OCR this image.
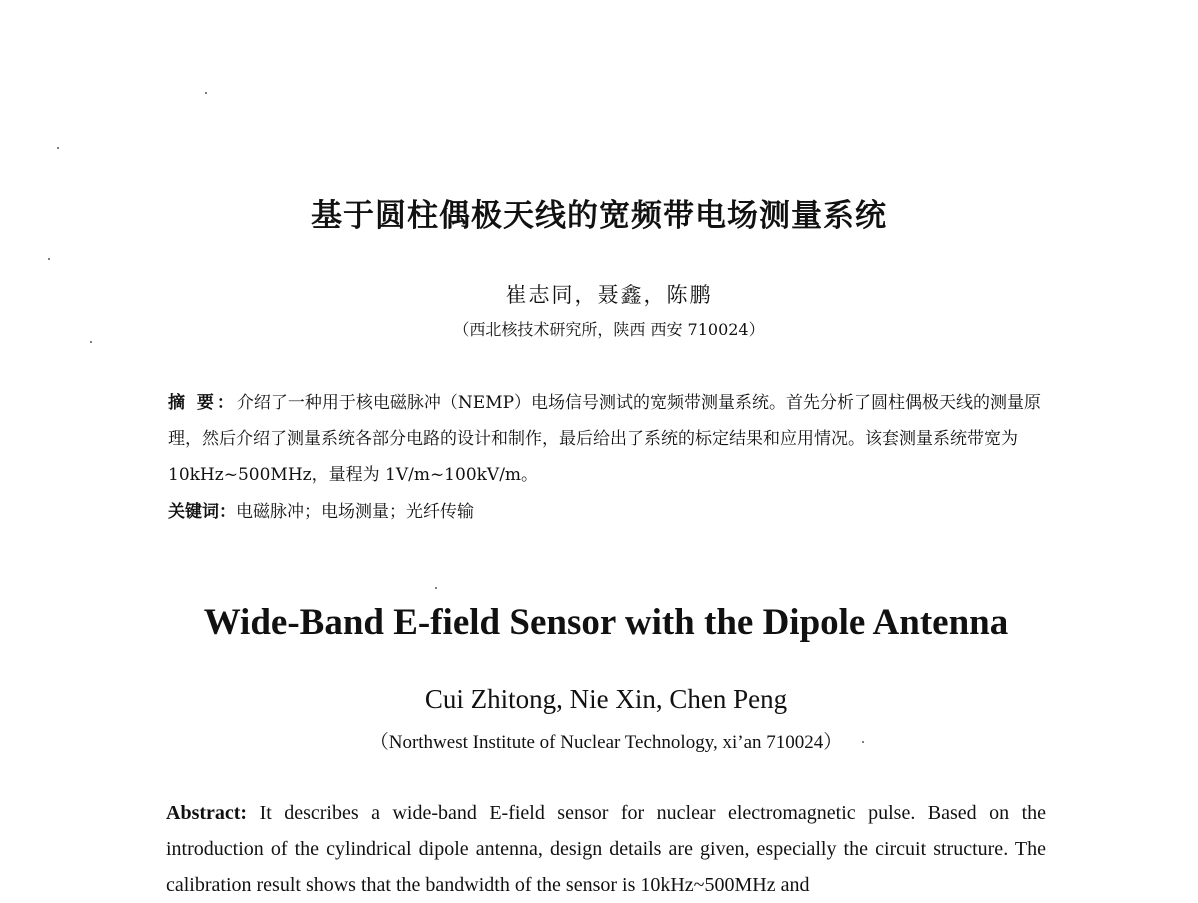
基于圆柱偶极天线的宽频带电场测量系统
崔志同，聂鑫，陈鹏
（西北核技术研究所，陕西 西安 710024）
摘 要：介绍了一种用于核电磁脉冲（NEMP）电场信号测试的宽频带测量系统。首先分析了圆柱偶极天线的测量原理，然后介绍了测量系统各部分电路的设计和制作，最后给出了系统的标定结果和应用情况。该套测量系统带宽为 10kHz~500MHz，量程为 1V/m~100kV/m。
关键词：电磁脉冲；电场测量；光纤传输
Wide-Band E-field Sensor with the Dipole Antenna
Cui Zhitong, Nie Xin, Chen Peng
（Northwest Institute of Nuclear Technology, xi’an 710024）
Abstract: It describes a wide-band E-field sensor for nuclear electromagnetic pulse. Based on the introduction of the cylindrical dipole antenna, design details are given, especially the circuit structure. The calibration result shows that the bandwidth of the sensor is 10kHz~500MHz and
